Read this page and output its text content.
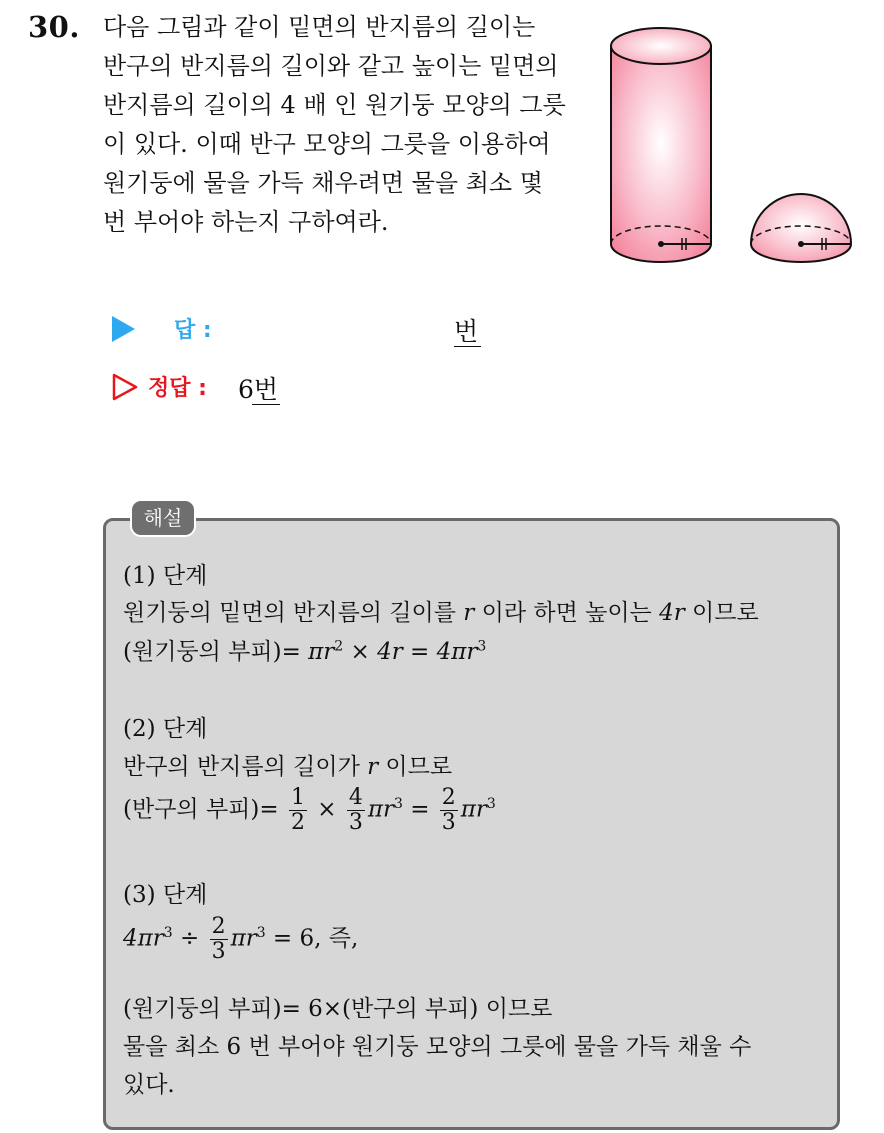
30. 다음 그림과 같이 밑면의 반지름의 길이는
반구의 반지름의 길이와 같고 높이는 밑면의
반지름의 길이의 4 배 인 원기둥 모양의 그릇
이 있다. 이때 반구 모양의 그릇을 이용하여
원기둥에 물을 가득 채우려면 물을 최소 몇
번 부어야 하는지 구하여라.
답 :	번
정답 : 6번
해설
(1) 단계
원기둥의 밑면의 반지름의 길이를 r 이라 하면 높이는 4r 이므로
(원기둥의 부피)= $\pi r^2 \times 4r = 4\pi r^3$
(2) 단계
반구의 반지름의 길이가 r 이므로
(반구의 부피)= $\frac{1}{2} \times \frac{4}{3} \pi r^3 = \frac{2}{3} \pi r^3$
(3) 단계
$4\pi r^3 \div \frac{2}{3} \pi r^3 = 6$, 즉,
(원기둥의 부피)= 6×(반구의 부피) 이므로
물을 최소 6 번 부어야 원기둥 모양의 그릇에 물을 가득 채울 수
있다.
